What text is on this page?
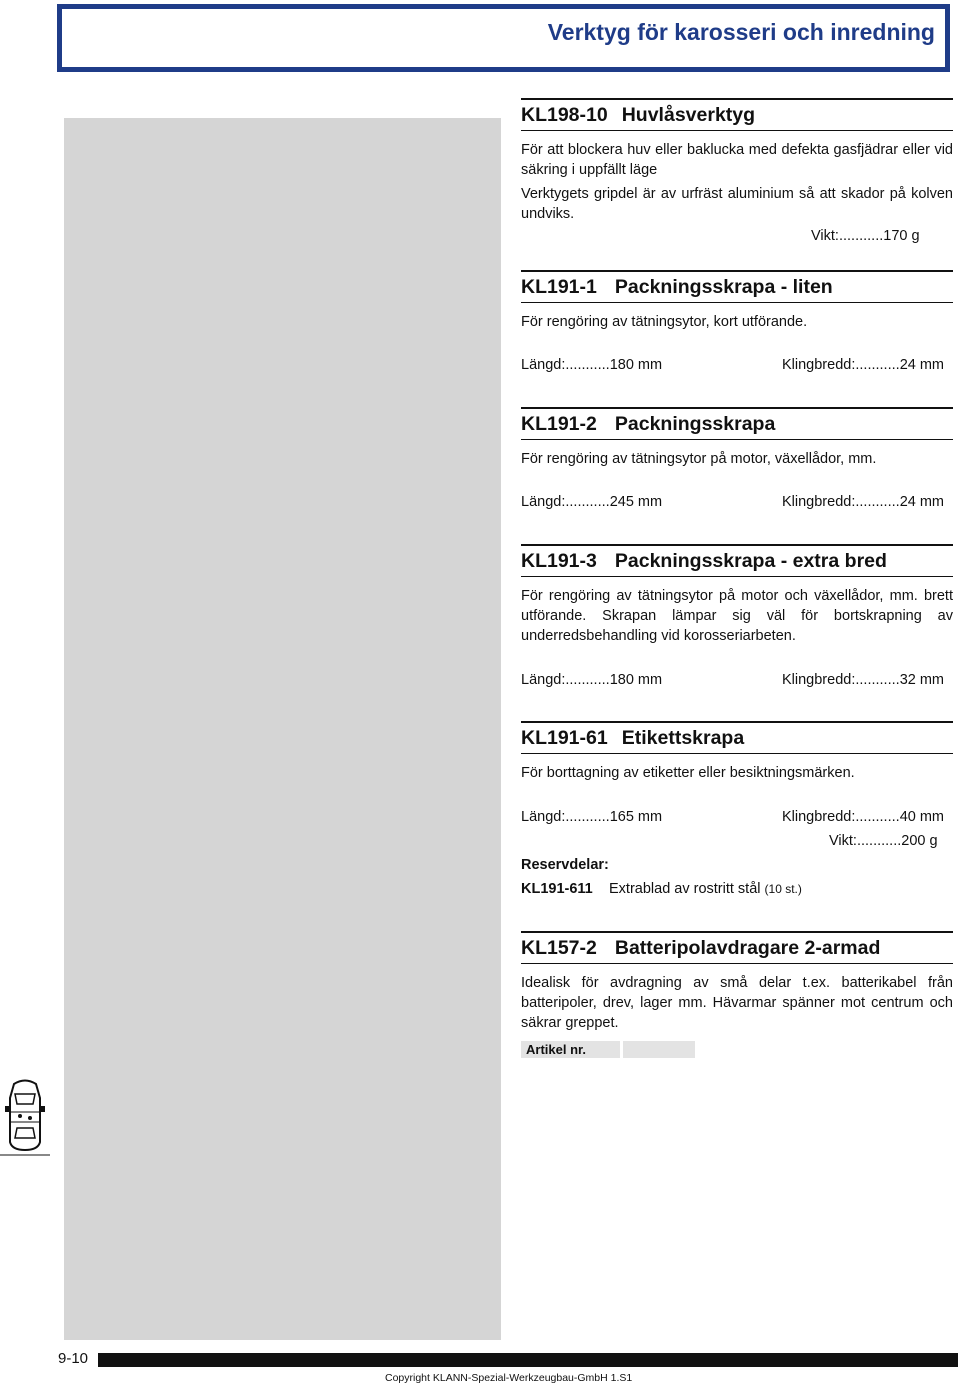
Verktyg för karosseri och inredning
KL198-10 Huvlåsverktyg

För att blockera huv eller baklucka med defekta gasfjädrar eller vid säkring i uppfällt läge

Verktygets gripdel är av urfräst aluminium så att skador på kolven undviks.

Vikt: .....	170 g
KL191-1 Packningsskrapa - liten

För rengöring av tätningsytor, kort utförande.

Längd: .....	180 mm	Klingbredd: .....	24 mm
KL191-2 Packningsskrapa

För rengöring av tätningsytor på motor, växellådor, mm.

Längd: .....	245 mm	Klingbredd: .....	24 mm
KL191-3 Packningsskrapa - extra bred

För rengöring av tätningsytor på motor och växellådor, mm. brett utförande. Skrapan lämpar sig väl för bortskrapning av underredsbehandling vid korosseriarbeten.

Längd: .....	180 mm	Klingbredd: .....	32 mm
KL191-61 Etikettskrapa

För borttagning av etiketter eller besiktningsmärken.

Längd: .....	165 mm	Klingbredd: .....	40 mm
Vikt: .....	200 g
Reservdelar:
KL191-611 Extrablad av rostritt stål (10 st.)
KL157-2 Batteripolavdragare 2-armad

Idealisk för avdragning av små delar t.ex. batterikabel från batteripoler, drev, lager mm. Hävarmar spänner mot centrum och säkrar greppet.

Artikel nr.
9-10
Copyright KLANN-Spezial-Werkzeugbau-GmbH 1.S1
